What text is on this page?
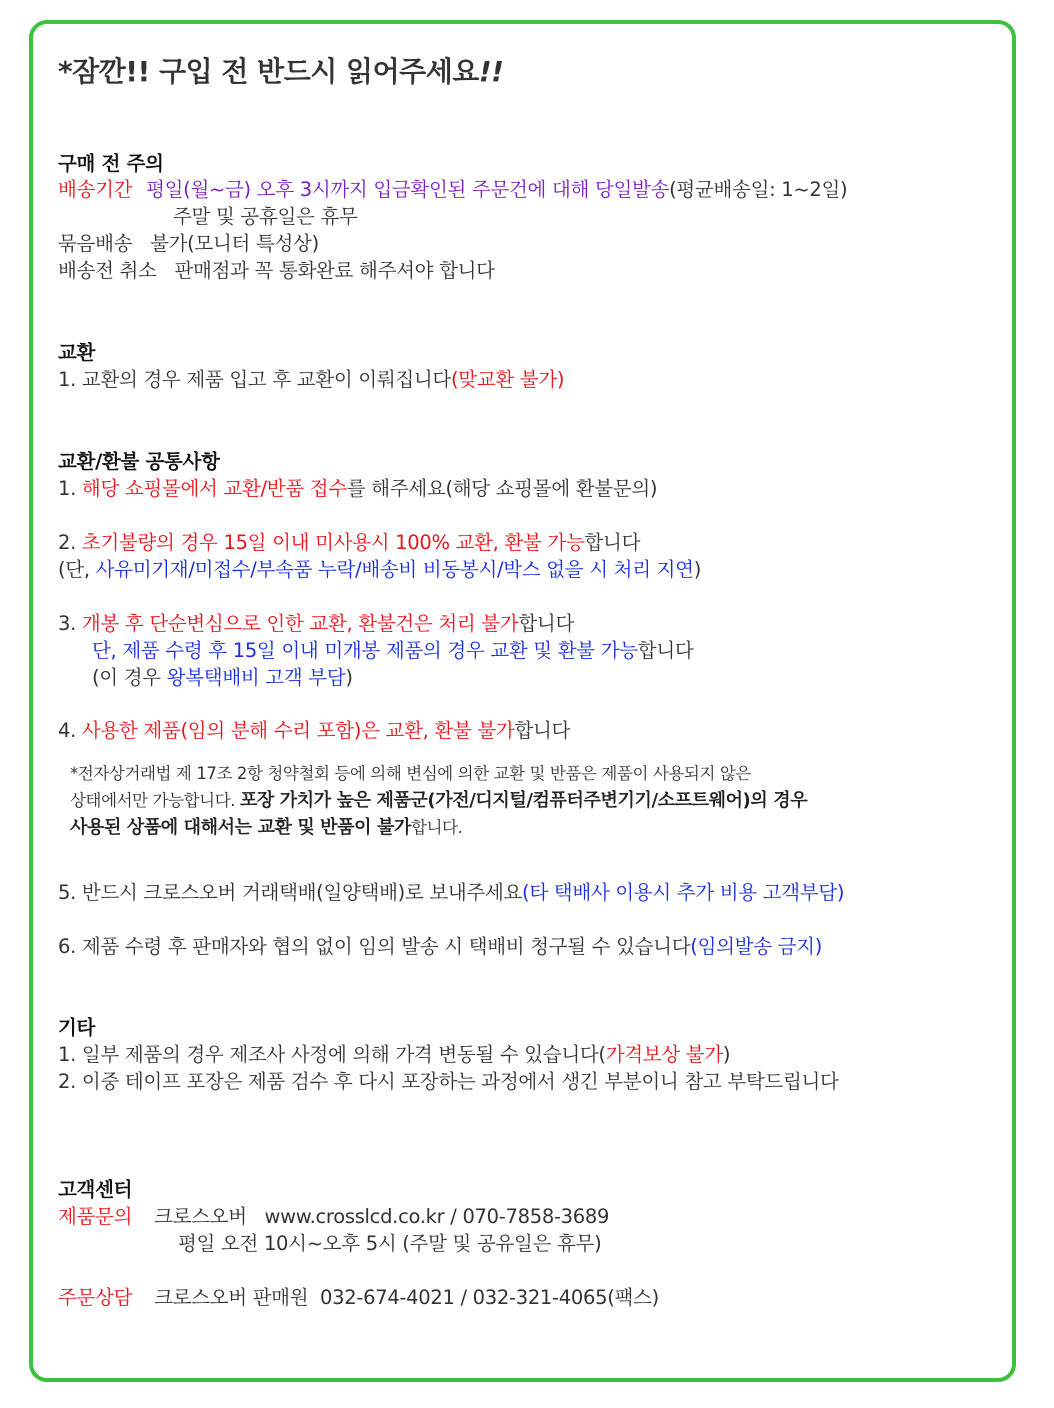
*잠깐!! 구입 전 반드시 읽어주세요!!
구매 전 주의
배송기간 평일(월~금) 오후 3시까지 입금확인된 주문건에 대해 당일발송(평균배송일: 1~2일)
주말 및 공휴일은 휴무
묶음배송 불가(모니터 특성상)
배송전 취소 판매점과 꼭 통화완료 해주셔야 합니다
교환
1. 교환의 경우 제품 입고 후 교환이 이뤄집니다(맞교환 불가)
교환/환불 공통사항
1. 해당 쇼핑몰에서 교환/반품 접수를 해주세요(해당 쇼핑몰에 환불문의)
2. 초기불량의 경우 15일 이내 미사용시 100% 교환, 환불 가능합니다
(단, 사유미기재/미접수/부속품 누락/배송비 비동봉시/박스 없을 시 처리 지연)
3. 개봉 후 단순변심으로 인한 교환, 환불건은 처리 불가합니다
단, 제품 수령 후 15일 이내 미개봉 제품의 경우 교환 및 환불 가능합니다
(이 경우 왕복택배비 고객 부담)
4. 사용한 제품(임의 분해 수리 포함)은 교환, 환불 불가합니다
*전자상거래법 제 17조 2항 청약철회 등에 의해 변심에 의한 교환 및 반품은 제품이 사용되지 않은
상태에서만 가능합니다. 포장 가치가 높은 제품군(가전/디지털/컴퓨터주변기기/소프트웨어)의 경우
사용된 상품에 대해서는 교환 및 반품이 불가합니다.
5. 반드시 크로스오버 거래택배(일양택배)로 보내주세요(타 택배사 이용시 추가 비용 고객부담)
6. 제품 수령 후 판매자와 협의 없이 임의 발송 시 택배비 청구될 수 있습니다(임의발송 금지)
기타
1. 일부 제품의 경우 제조사 사정에 의해 가격 변동될 수 있습니다(가격보상 불가)
2. 이중 테이프 포장은 제품 검수 후 다시 포장하는 과정에서 생긴 부분이니 참고 부탁드립니다
고객센터
제품문의 크로스오버   www.crosslcd.co.kr / 070-7858-3689
평일 오전 10시~오후 5시 (주말 및 공유일은 휴무)
주문상담 크로스오버 판매원  032-674-4021 / 032-321-4065(팩스)
